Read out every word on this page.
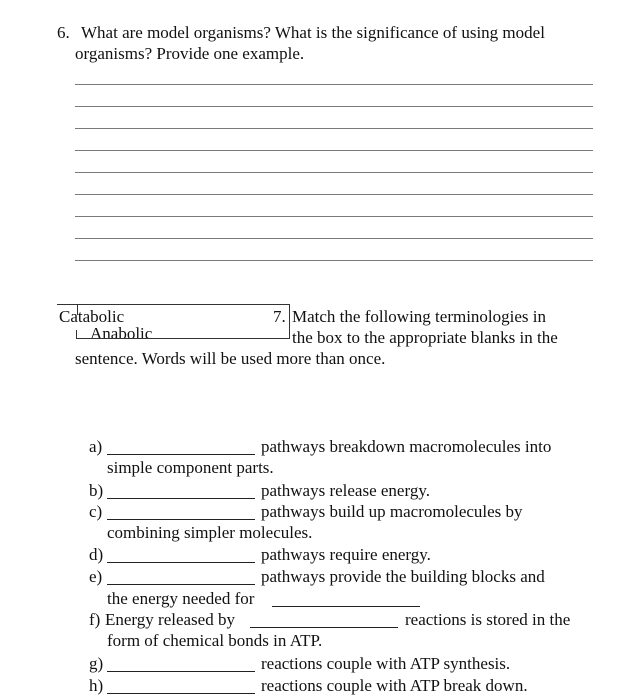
6. What are model organisms? What is the significance of using model
organisms? Provide one example.
Catabolic
Anabolic
7. Match the following terminologies in
the box to the appropriate blanks in the
sentence. Words will be used more than once.
a)	pathways breakdown macromolecules into
simple component parts.
b)	pathways release energy.
c)	pathways build up macromolecules by
combining simpler molecules.
d)	pathways require energy.
e)	pathways provide the building blocks and
the energy needed for
f) Energy released by	reactions is stored in the
form of chemical bonds in ATP.
g)	reactions couple with ATP synthesis.
h)	reactions couple with ATP break down.
